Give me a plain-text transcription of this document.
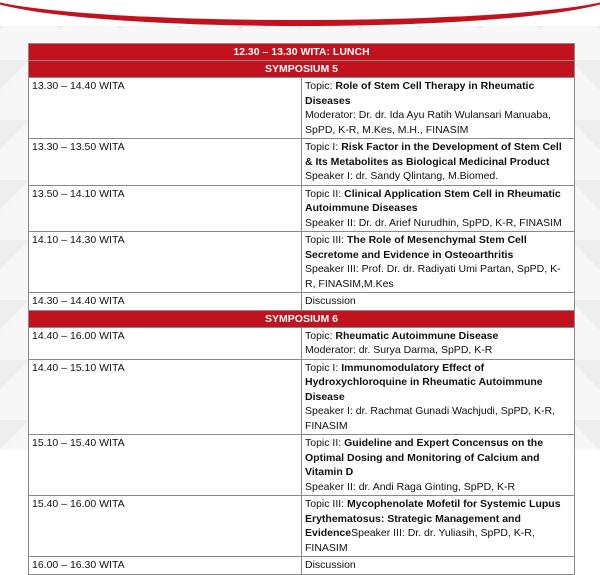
12.30 – 13.30 WITA: LUNCH	
SYMPOSIUM 5	
13.30 – 14.40 WITA	Topic: Role of Stem Cell Therapy in Rheumatic Diseases
Moderator: Dr. dr. Ida Ayu Ratih Wulansari Manuaba, SpPD, K-R, M.Kes, M.H., FINASIM
13.30 – 13.50 WITA	Topic I: Risk Factor in the Development of Stem Cell & Its Metabolites as Biological Medicinal Product
Speaker I: dr. Sandy Qlintang, M.Biomed.
13.50 – 14.10 WITA	Topic II: Clinical Application Stem Cell in Rheumatic Autoimmune Diseases
Speaker II: Dr. dr. Arief Nurudhin, SpPD, K-R, FINASIM
14.10 – 14.30 WITA	Topic III: The Role of Mesenchymal Stem Cell Secretome and Evidence in Osteoarthritis
Speaker III: Prof. Dr. dr. Radiyati Umi Partan, SpPD, K-R, FINASIM,M.Kes
14.30 – 14.40 WITA	Discussion
SYMPOSIUM 6	
14.40 – 16.00 WITA	Topic: Rheumatic Autoimmune Disease
Moderator: dr. Surya Darma, SpPD, K-R
14.40 – 15.10 WITA	Topic I: Immunomodulatory Effect of Hydroxychloroquine in Rheumatic Autoimmune Disease
Speaker I: dr. Rachmat Gunadi Wachjudi, SpPD, K-R, FINASIM
15.10 – 15.40 WITA	Topic II: Guideline and Expert Concensus on the Optimal Dosing and Monitoring of Calcium and Vitamin D
Speaker II: dr. Andi Raga Ginting, SpPD, K-R
15.40 – 16.00 WITA	Topic III: Mycophenolate Mofetil for Systemic Lupus Erythematosus: Strategic Management and EvidenceSpeaker III: Dr. dr. Yuliasih, SpPD, K-R, FINASIM
16.00 – 16.30 WITA	Discussion
